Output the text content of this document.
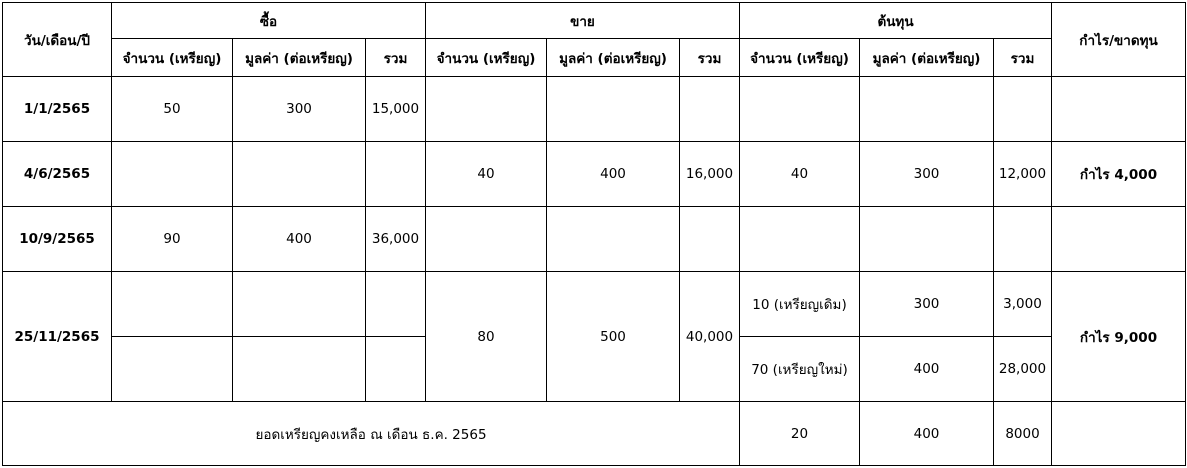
วัน/เดือน/ปี	ซื้อ			ขาย			ต้นทุน			กำไร/ขาดทุน
	จำนวน (เหรียญ)	มูลค่า (ต่อเหรียญ)	รวม	จำนวน (เหรียญ)	มูลค่า (ต่อเหรียญ)	รวม	จำนวน (เหรียญ)	มูลค่า (ต่อเหรียญ)	รวม	
1/1/2565	50	300	15,000							
4/6/2565				40	400	16,000	40	300	12,000	กำไร 4,000
10/9/2565	90	400	36,000							
25/11/2565				80	500	40,000	10 (เหรียญเดิม)	300	3,000	กำไร 9,000
							70 (เหรียญใหม่)	400	28,000	
ยอดเหรียญคงเหลือ ณ เดือน ธ.ค. 2565							20	400	8000	
